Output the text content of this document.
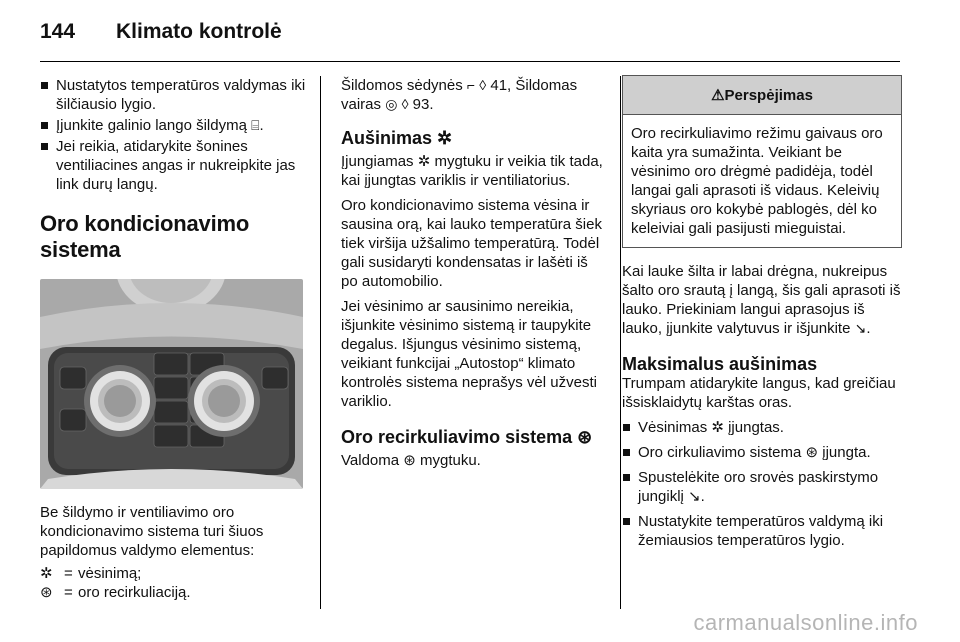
144 Klimato kontrolė
Nustatytos temperatūros valdymas iki šilčiausio lygio.
Įjunkite galinio lango šildymą ⌸.
Jei reikia, atidarykite šonines ventiliacines angas ir nukreipkite jas link durų langų.
Oro kondicionavimo sistema

Be šildymo ir ventiliavimo oro kondicionavimo sistema turi šiuos papildomus valdymo elementus:

✲ = vėsinimą;
⊛ = oro recirkuliaciją.

Šildomos sėdynės ⌐ ◊ 41, Šildomas vairas ◎ ◊ 93.

Aušinimas ✲

Įjungiamas ✲ mygtuku ir veikia tik tada, kai įjungtas variklis ir ventiliatorius.

Oro kondicionavimo sistema vėsina ir sausina orą, kai lauko temperatūra šiek tiek viršija užšalimo temperatūrą. Todėl gali susidaryti kondensatas ir lašėti iš po automobilio.

Jei vėsinimo ar sausinimo nereikia, išjunkite vėsinimo sistemą ir taupykite degalus. Išjungus vėsinimo sistemą, veikiant funkcijai „Autostop“ klimato kontrolės sistema neprašys vėl užvesti variklio.

Oro recirkuliavimo sistema ⊛

Valdoma ⊛ mygtuku.

⚠ Perspėjimas
Oro recirkuliavimo režimu gaivaus oro kaita yra sumažinta. Veikiant be vėsinimo oro drėgmė padidėja, todėl langai gali aprasoti iš vidaus. Keleivių skyriaus oro kokybė pablogės, dėl ko keleiviai gali pasijusti mieguistai.

Kai lauke šilta ir labai drėgna, nukreipus šalto oro srautą į langą, šis gali aprasoti iš lauko. Priekiniam langui aprasojus iš lauko, įjunkite valytuvus ir išjunkite ↘.

Maksimalus aušinimas

Trumpam atidarykite langus, kad greičiau išsisklaidytų karštas oras.

Vėsinimas ✲ įjungtas.
Oro cirkuliavimo sistema ⊛ įjungta.
Spustelėkite oro srovės paskirstymo jungiklį ↘.
Nustatykite temperatūros valdymą iki žemiausios temperatūros lygio.
carmanualsonline.info
